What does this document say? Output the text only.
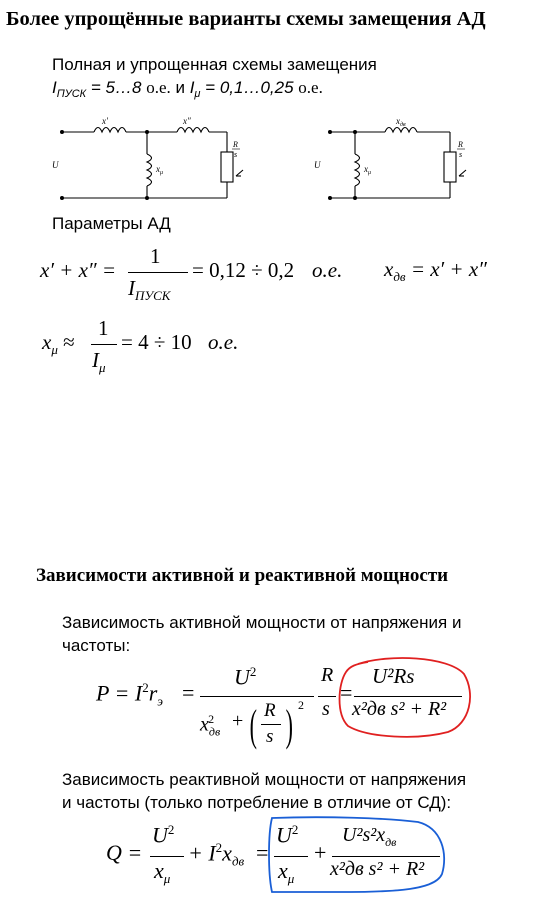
Более упрощённые варианты схемы замещения АД
Полная и упрощенная схемы замещения
$I_{ПУСК}$ = 5…8 о.е. и $I_\mu$ = 0,1…0,25 о.е.
x′	x″
$x_\mu$
U
R
s
$x_{дв}$
$x_\mu$
U
R
s
Параметры АД
x′ + x″ =
1
$I_{ПУСК}$
= 0,12 ÷ 0,2 о.е. $x_{дв} = x' + x''$
$x_\mu$ ≈
1
$I_\mu$
= 4 ÷ 10 о.е.
Зависимости активной и реактивной мощности
Зависимость активной мощности от напряжения и
частоты:
$P = I^2r_э$ =
$U^2$
$x_{дв}^2$ + ( R
s ) 2
R
s
=
U²Rs
x²дв s² + R²
Зависимость реактивной мощности от напряжения
и частоты (только потребление в отличие от СД):
Q =
$U^2$
$x_\mu$
+ $I^2x_{дв}$ =
$U^2$
$x_\mu$
+
$U^2s^2x_{дв}$
x²дв s² + R²
